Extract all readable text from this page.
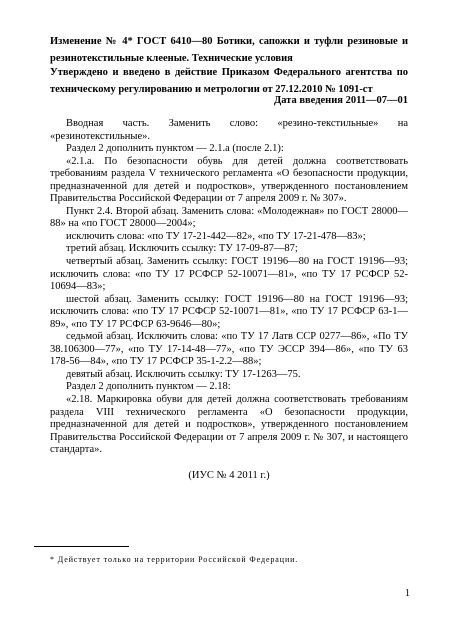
Изменение № 4* ГОСТ 6410—80 Ботики, сапожки и туфли резиновые и резинотекстильные клееные. Технические условия
Утверждено и введено в действие Приказом Федерального агентства по техническому регулированию и метрологии от 27.12.2010 № 1091-ст
Дата введения 2011—07—01

Вводная часть. Заменить слово: «резино-текстильные» на «резинотекстильные».

Раздел 2 дополнить пунктом — 2.1.а (после 2.1):

«2.1.а. По безопасности обувь для детей должна соответствовать требованиям раздела V технического регламента «О безопасности продукции, предназначенной для детей и подростков», утвержденного постановлением Правительства Российской Федерации от 7 апреля 2009 г. № 307».

Пункт 2.4. Второй абзац. Заменить слова: «Молодежная» по ГОСТ 28000—88» на «по ГОСТ 28000—2004»;

исключить слова: «по ТУ 17-21-442—82», «по ТУ 17-21-478—83»;

третий абзац. Исключить ссылку: ТУ 17-09-87—87;

четвертый абзац. Заменить ссылку: ГОСТ 19196—80 на ГОСТ 19196—93; исключить слова: «по ТУ 17 РСФСР 52-10071—81», «по ТУ 17 РСФСР 52-10694—83»;

шестой абзац. Заменить ссылку: ГОСТ 19196—80 на ГОСТ 19196—93; исключить слова: «по ТУ 17 РСФСР 52-10071—81», «по ТУ 17 РСФСР 63-1—89», «по ТУ 17 РСФСР 63-9646—80»;

седьмой абзац. Исключить слова: «по ТУ 17 Латв ССР 0277—86», «По ТУ 38.106300—77», «по ТУ 17-14-48—77», «по ТУ ЭССР 394—86», «по ТУ 63 178-56—84», «по ТУ 17 РСФСР 35-1-2.2—88»;

девятый абзац. Исключить ссылку: ТУ 17-1263—75.

Раздел 2 дополнить пунктом — 2.18:

«2.18. Маркировка обуви для детей должна соответствовать требованиям раздела VIII технического регламента «О безопасности продукции, предназначенной для детей и подростков», утвержденного постановлением Правительства Российской Федерации от 7 апреля 2009 г. № 307, и настоящего стандарта».

(ИУС № 4 2011 г.)

* Действует только на территории Российской Федерации.
1
